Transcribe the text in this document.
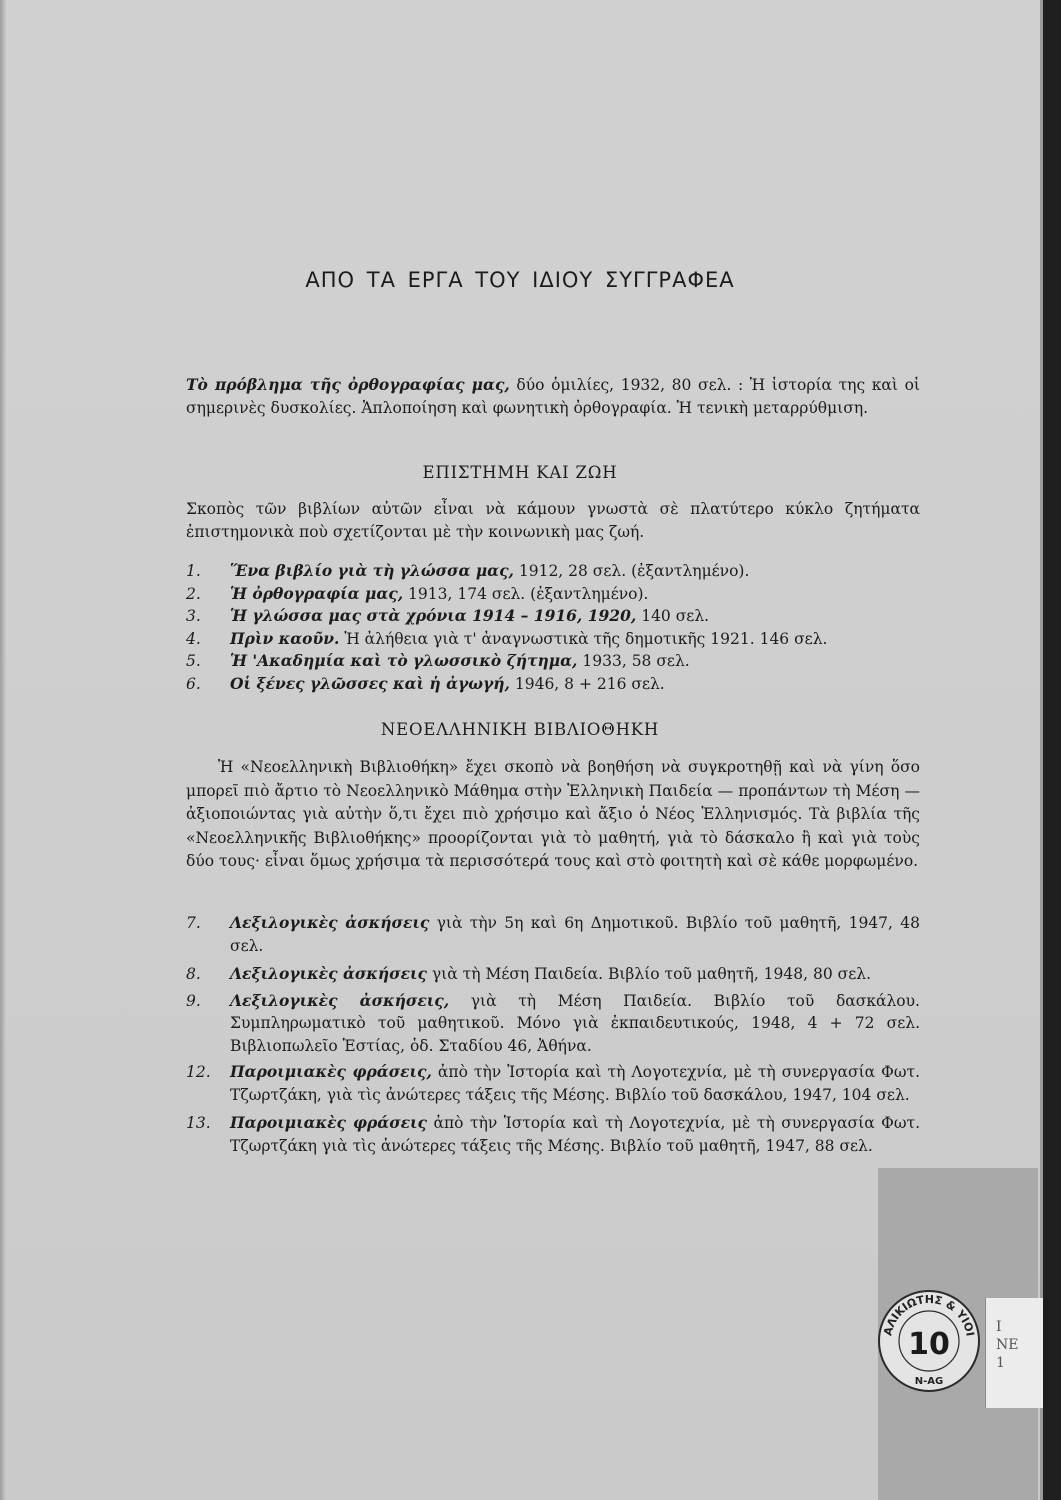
ΑΠΟ ΤΑ ΕΡΓΑ ΤΟΥ ΙΔΙΟΥ ΣΥΓΓΡΑΦΕΑ
Τὸ πρόβλημα τῆς ὀρθογραφίας μας, δύο ὁμιλίες, 1932, 80 σελ. : Ἡ ἱστορία της καὶ οἱ σημερινὲς δυσκολίες. Ἁπλοποίηση καὶ φωνητικὴ ὀρθογραφία. Ἡ τενικὴ μεταρρύθμιση.
ΕΠΙΣΤΗΜΗ ΚΑΙ ΖΩΗ
Σκοπὸς τῶν βιβλίων αὐτῶν εἶναι νὰ κάμουν γνωστὰ σὲ πλατύτερο κύκλο ζητήματα ἐπιστημονικὰ ποὺ σχετίζονται μὲ τὴν κοινωνικὴ μας ζωή.
1.	Ἕνα βιβλίο γιὰ τὴ γλώσσα μας, 1912, 28 σελ. (ἐξαντλημένο).
2.	Ἡ ὀρθογραφία μας, 1913, 174 σελ. (ἐξαντλημένο).
3.	Ἡ γλώσσα μας στὰ χρόνια 1914 – 1916, 1920, 140 σελ.
4.	Πρὶν καοῦν. Ἡ ἀλήθεια γιὰ τ' ἀναγνωστικὰ τῆς δημοτικῆς 1921. 146 σελ.
5.	Ἡ 'Ακαδημία καὶ τὸ γλωσσικὸ ζήτημα, 1933, 58 σελ.
6.	Οἱ ξένες γλῶσσες καὶ ἡ ἀγωγή, 1946, 8 + 216 σελ.
ΝΕΟΕΛΛΗΝΙΚΗ ΒΙΒΛΙΟΘΗΚΗ
Ἡ «Νεοελληνικὴ Βιβλιοθήκη» ἔχει σκοπὸ νὰ βοηθήση νὰ συγκροτηθῇ καὶ νὰ γίνη ὅσο μπορεῖ πιὸ ἄρτιο τὸ Νεοελληνικὸ Μάθημα στὴν Ἑλληνικὴ Παιδεία — προπάντων τὴ Μέση — ἀξιοποιώντας γιὰ αὐτὴν ὅ,τι ἔχει πιὸ χρήσιμο καὶ ἄξιο ὁ Νέος Ἑλληνισμός. Τὰ βιβλία τῆς «Νεοελληνικῆς Βιβλιοθήκης» προορίζονται γιὰ τὸ μαθητή, γιὰ τὸ δάσκαλο ἢ καὶ γιὰ τοὺς δύο τους· εἶναι ὅμως χρήσιμα τὰ περισσότερά τους καὶ στὸ φοιτητὴ καὶ σὲ κάθε μορφωμένο.
7.	Λεξιλογικὲς ἀσκήσεις γιὰ τὴν 5η καὶ 6η Δημοτικοῦ. Βιβλίο τοῦ μαθητῆ, 1947, 48 σελ.
8.	Λεξιλογικὲς ἀσκήσεις γιὰ τὴ Μέση Παιδεία. Βιβλίο τοῦ μαθητῆ, 1948, 80 σελ.
9.	Λεξιλογικὲς ἀσκήσεις, γιὰ τὴ Μέση Παιδεία. Βιβλίο τοῦ δασκάλου. Συμπληρωματικὸ τοῦ μαθητικοῦ. Μόνο γιὰ ἐκπαιδευτικούς, 1948, 4 + 72 σελ. Βιβλιοπωλεῖο Ἑστίας, ὁδ. Σταδίου 46, Ἀθήνα.
12.	Παροιμιακὲς φράσεις, ἀπὸ τὴν Ἱστορία καὶ τὴ Λογοτεχνία, μὲ τὴ συνεργασία Φωτ. Τζωρτζάκη, γιὰ τὶς ἀνώτερες τάξεις τῆς Μέσης. Βιβλίο τοῦ δασκάλου, 1947, 104 σελ.
13.	Παροιμιακὲς φράσεις ἀπὸ τὴν Ἱστορία καὶ τὴ Λογοτεχνία, μὲ τὴ συνεργασία Φωτ. Τζωρτζάκη γιὰ τὶς ἀνώτερες τάξεις τῆς Μέσης. Βιβλίο τοῦ μαθητῆ, 1947, 88 σελ.
Ι
ΝΕ
1
ΑΛΙΚΙΩΤΗΣ & ΥΙΟΙ
10
N-AG
